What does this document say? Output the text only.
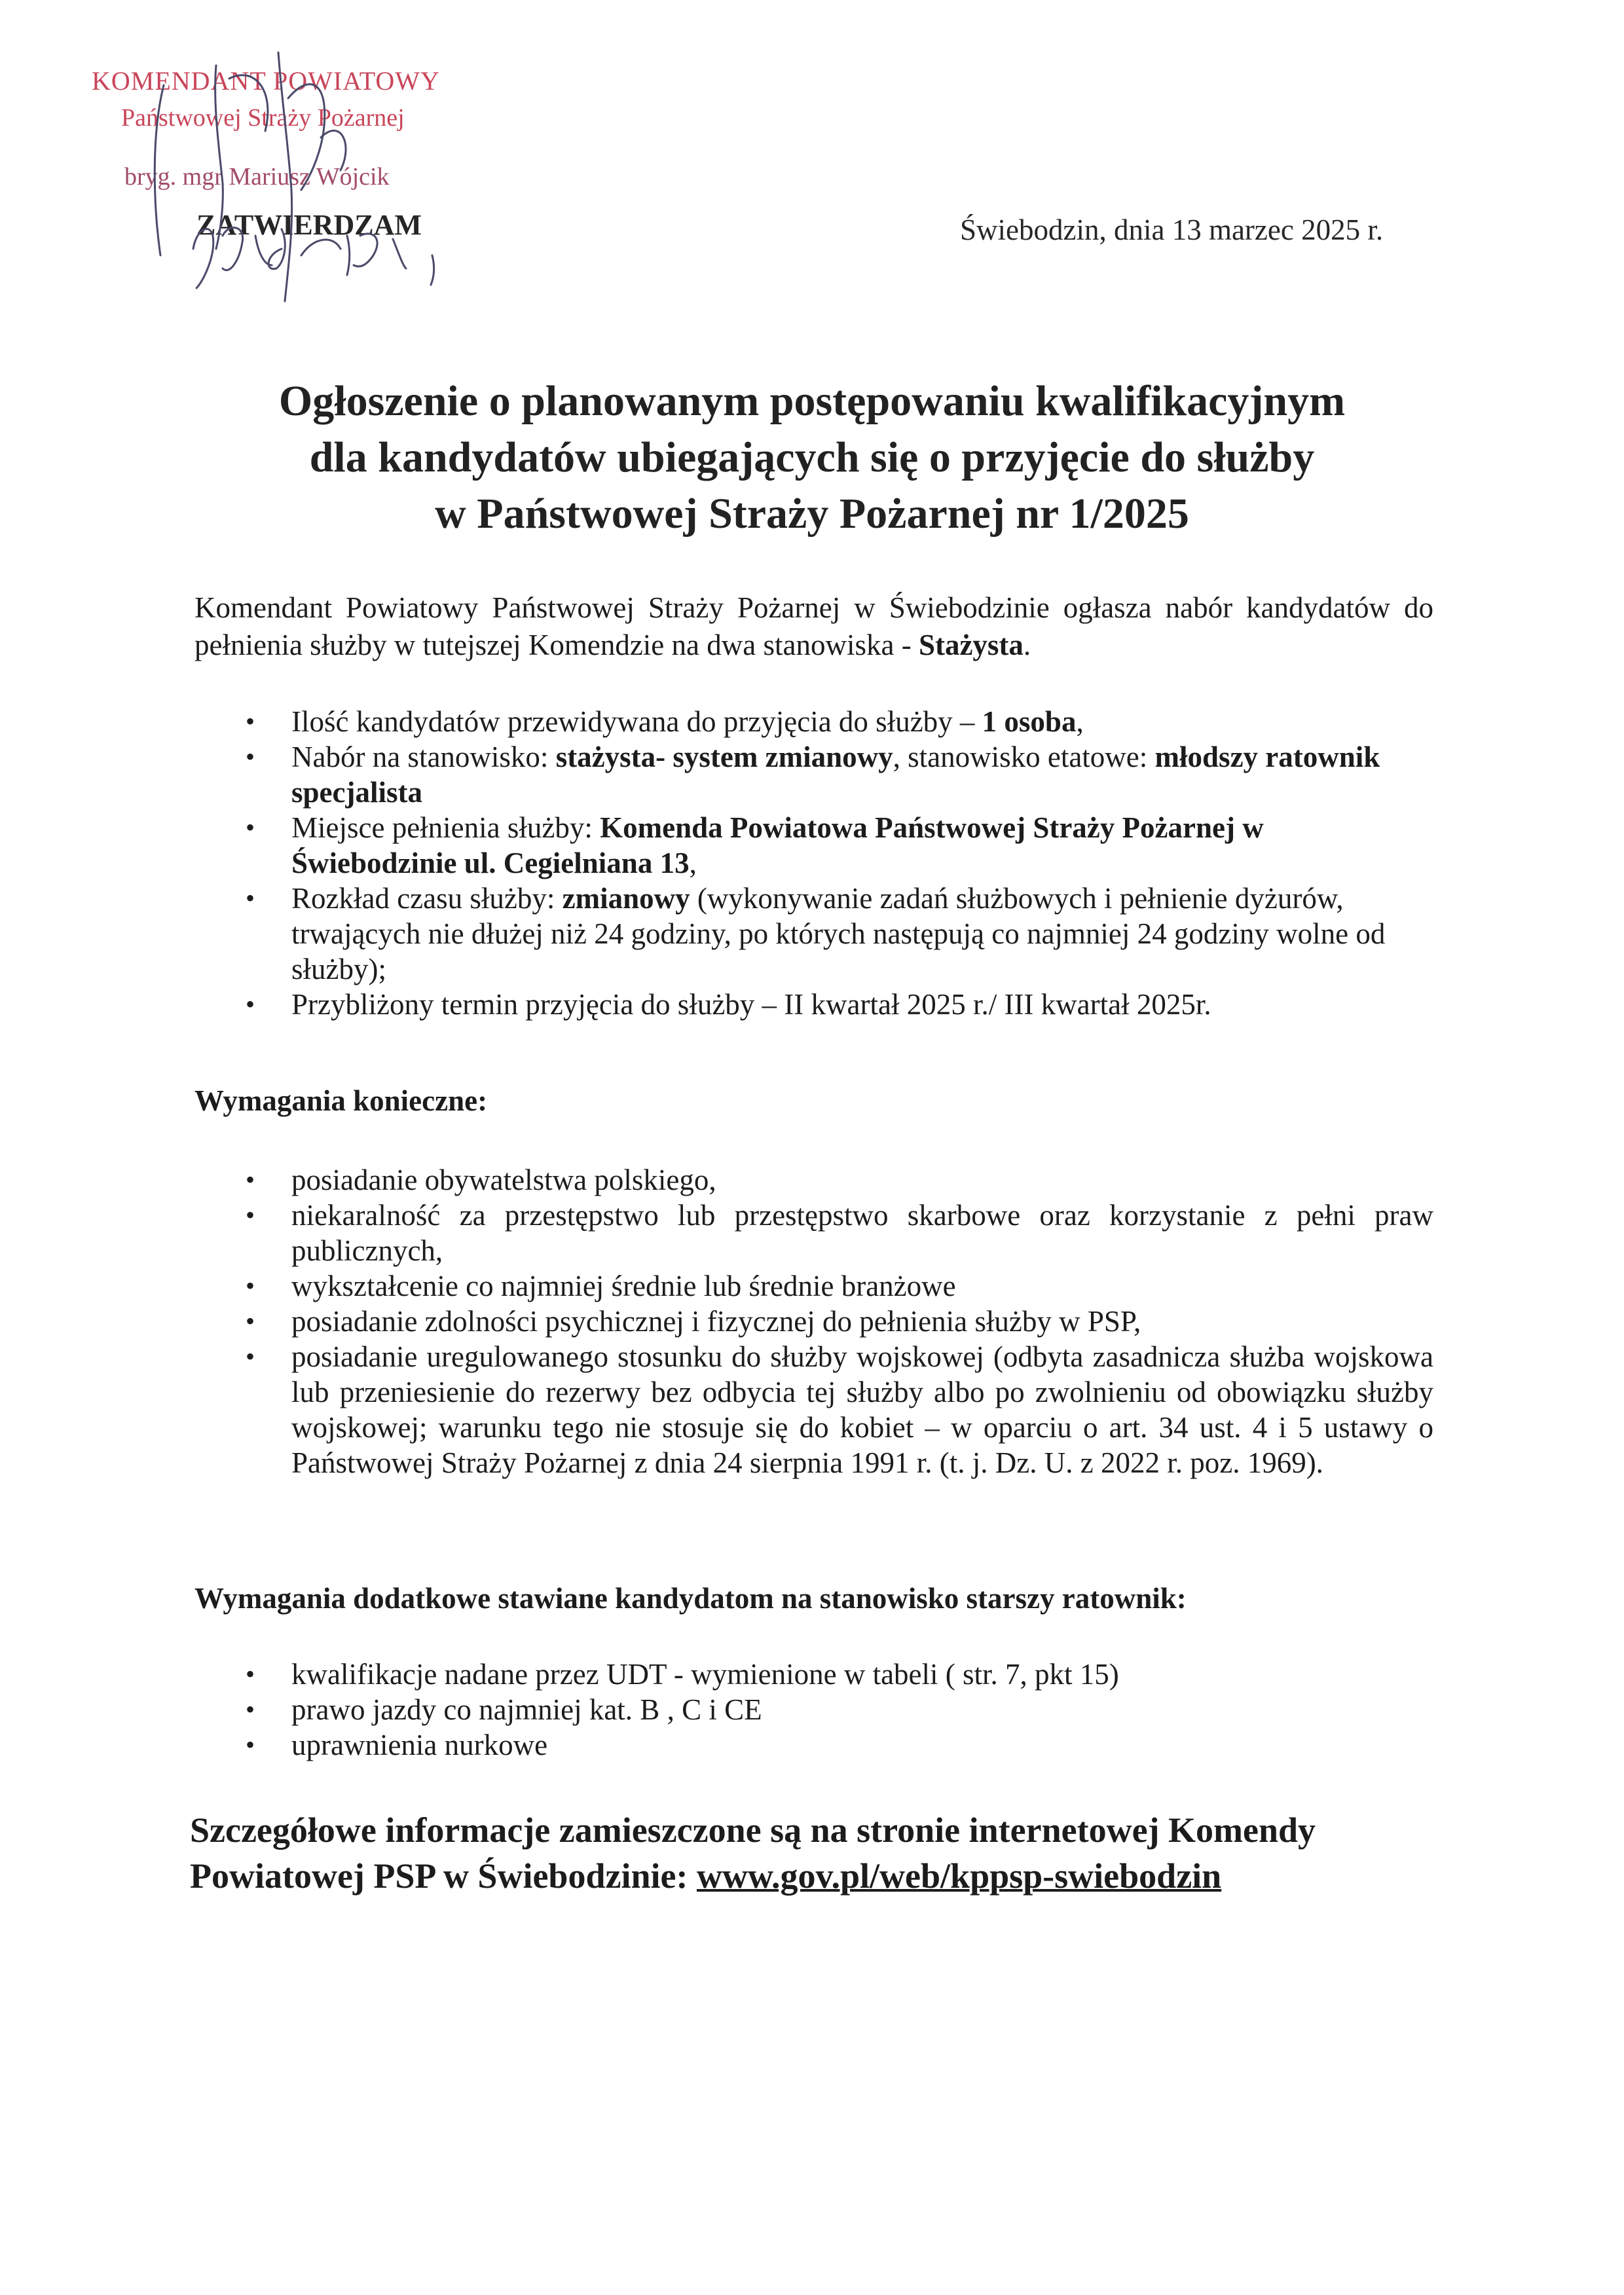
KOMENDANT POWIATOWY
Państwowej Straży Pożarnej
bryg. mgr Mariusz Wójcik
ZATWIERDZAM	Świebodzin, dnia 13 marzec 2025 r.
Ogłoszenie o planowanym postępowaniu kwalifikacyjnym
dla kandydatów ubiegających się o przyjęcie do służby
w Państwowej Straży Pożarnej nr 1/2025

Komendant Powiatowy Państwowej Straży Pożarnej w Świebodzinie ogłasza nabór kandydatów do pełnienia służby w tutejszej Komendzie na dwa stanowiska - Stażysta.

• Ilość kandydatów przewidywana do przyjęcia do służby – 1 osoba,
• Nabór na stanowisko: stażysta- system zmianowy, stanowisko etatowe: młodszy ratownik specjalista
• Miejsce pełnienia służby: Komenda Powiatowa Państwowej Straży Pożarnej w Świebodzinie ul. Cegielniana 13,
• Rozkład czasu służby: zmianowy (wykonywanie zadań służbowych i pełnienie dyżurów, trwających nie dłużej niż 24 godziny, po których następują co najmniej 24 godziny wolne od służby);
• Przybliżony termin przyjęcia do służby – II kwartał 2025 r./ III kwartał 2025r.
Wymagania konieczne:
• posiadanie obywatelstwa polskiego,
• niekaralność za przestępstwo lub przestępstwo skarbowe oraz korzystanie z pełni praw publicznych,
• wykształcenie co najmniej średnie lub średnie branżowe
• posiadanie zdolności psychicznej i fizycznej do pełnienia służby w PSP,
• posiadanie uregulowanego stosunku do służby wojskowej (odbyta zasadnicza służba wojskowa lub przeniesienie do rezerwy bez odbycia tej służby albo po zwolnieniu od obowiązku służby wojskowej; warunku tego nie stosuje się do kobiet – w oparciu o art. 34 ust. 4 i 5 ustawy o Państwowej Straży Pożarnej z dnia 24 sierpnia 1991 r. (t. j. Dz. U. z 2022 r. poz. 1969).
Wymagania dodatkowe stawiane kandydatom na stanowisko starszy ratownik:
• kwalifikacje nadane przez UDT - wymienione w tabeli ( str. 7, pkt 15)
• prawo jazdy co najmniej kat. B , C i CE
• uprawnienia nurkowe
Szczegółowe informacje zamieszczone są na stronie internetowej Komendy Powiatowej PSP w Świebodzinie: www.gov.pl/web/kppsp-swiebodzin
